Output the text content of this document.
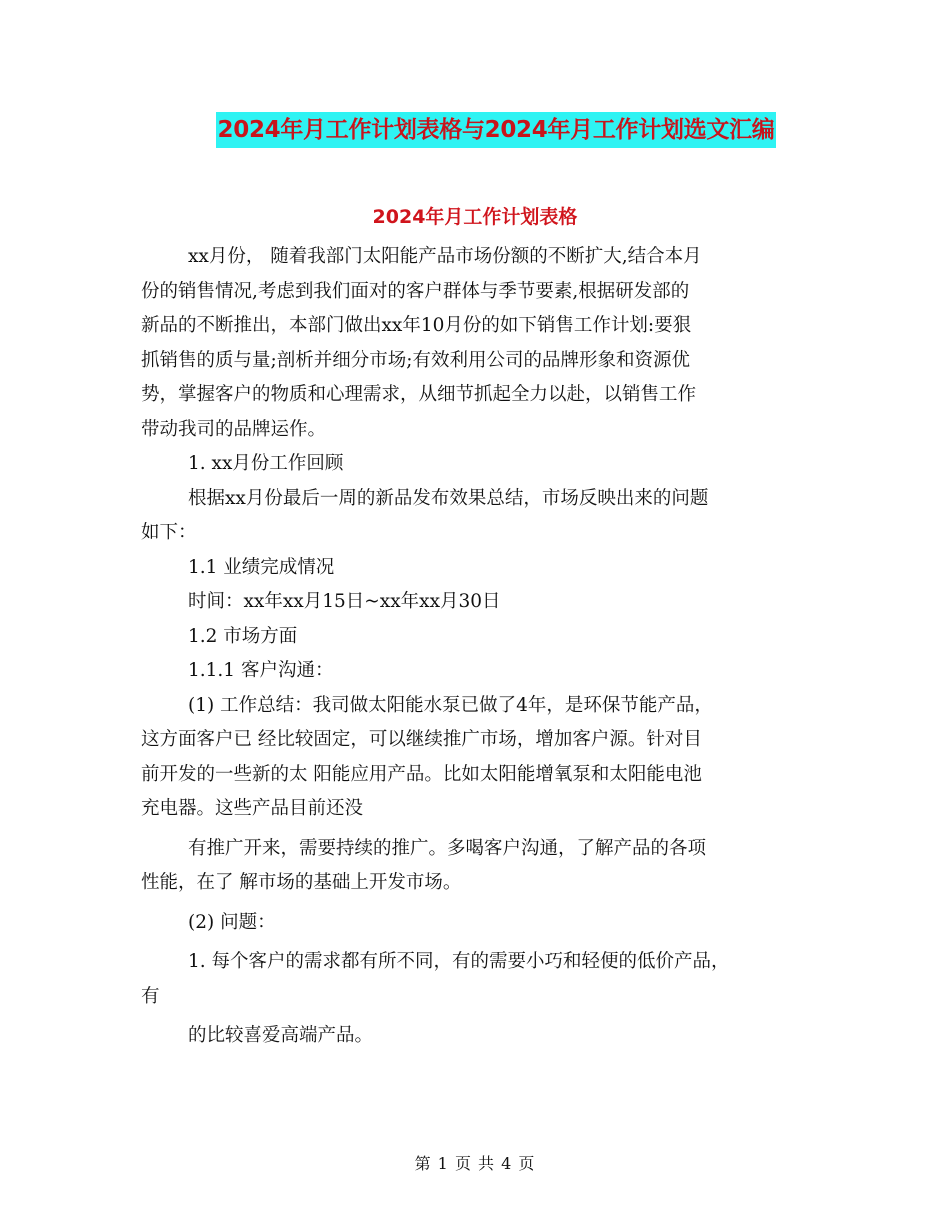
2024年月工作计划表格与2024年月工作计划选文汇编
2024年月工作计划表格
xx月份， 随着我部门太阳能产品市场份额的不断扩大,结合本月
份的销售情况,考虑到我们面对的客户群体与季节要素,根据研发部的
新品的不断推出，本部门做出xx年10月份的如下销售工作计划:要狠
抓销售的质与量;剖析并细分市场;有效利用公司的品牌形象和资源优
势，掌握客户的物质和心理需求，从细节抓起全力以赴，以销售工作
带动我司的品牌运作。
1. xx月份工作回顾
根据xx月份最后一周的新品发布效果总结，市场反映出来的问题
如下：
1.1 业绩完成情况
时间：xx年xx月15日~xx年xx月30日
1.2 市场方面
1.1.1 客户沟通：
(1) 工作总结：我司做太阳能水泵已做了4年，是环保节能产品，
这方面客户已 经比较固定，可以继续推广市场，增加客户源。针对目
前开发的一些新的太 阳能应用产品。比如太阳能增氧泵和太阳能电池
充电器。这些产品目前还没
有推广开来，需要持续的推广。多喝客户沟通，了解产品的各项
性能，在了 解市场的基础上开发市场。
(2) 问题：
1. 每个客户的需求都有所不同，有的需要小巧和轻便的低价产品，
有
的比较喜爱高端产品。
第 1 页 共 4 页
